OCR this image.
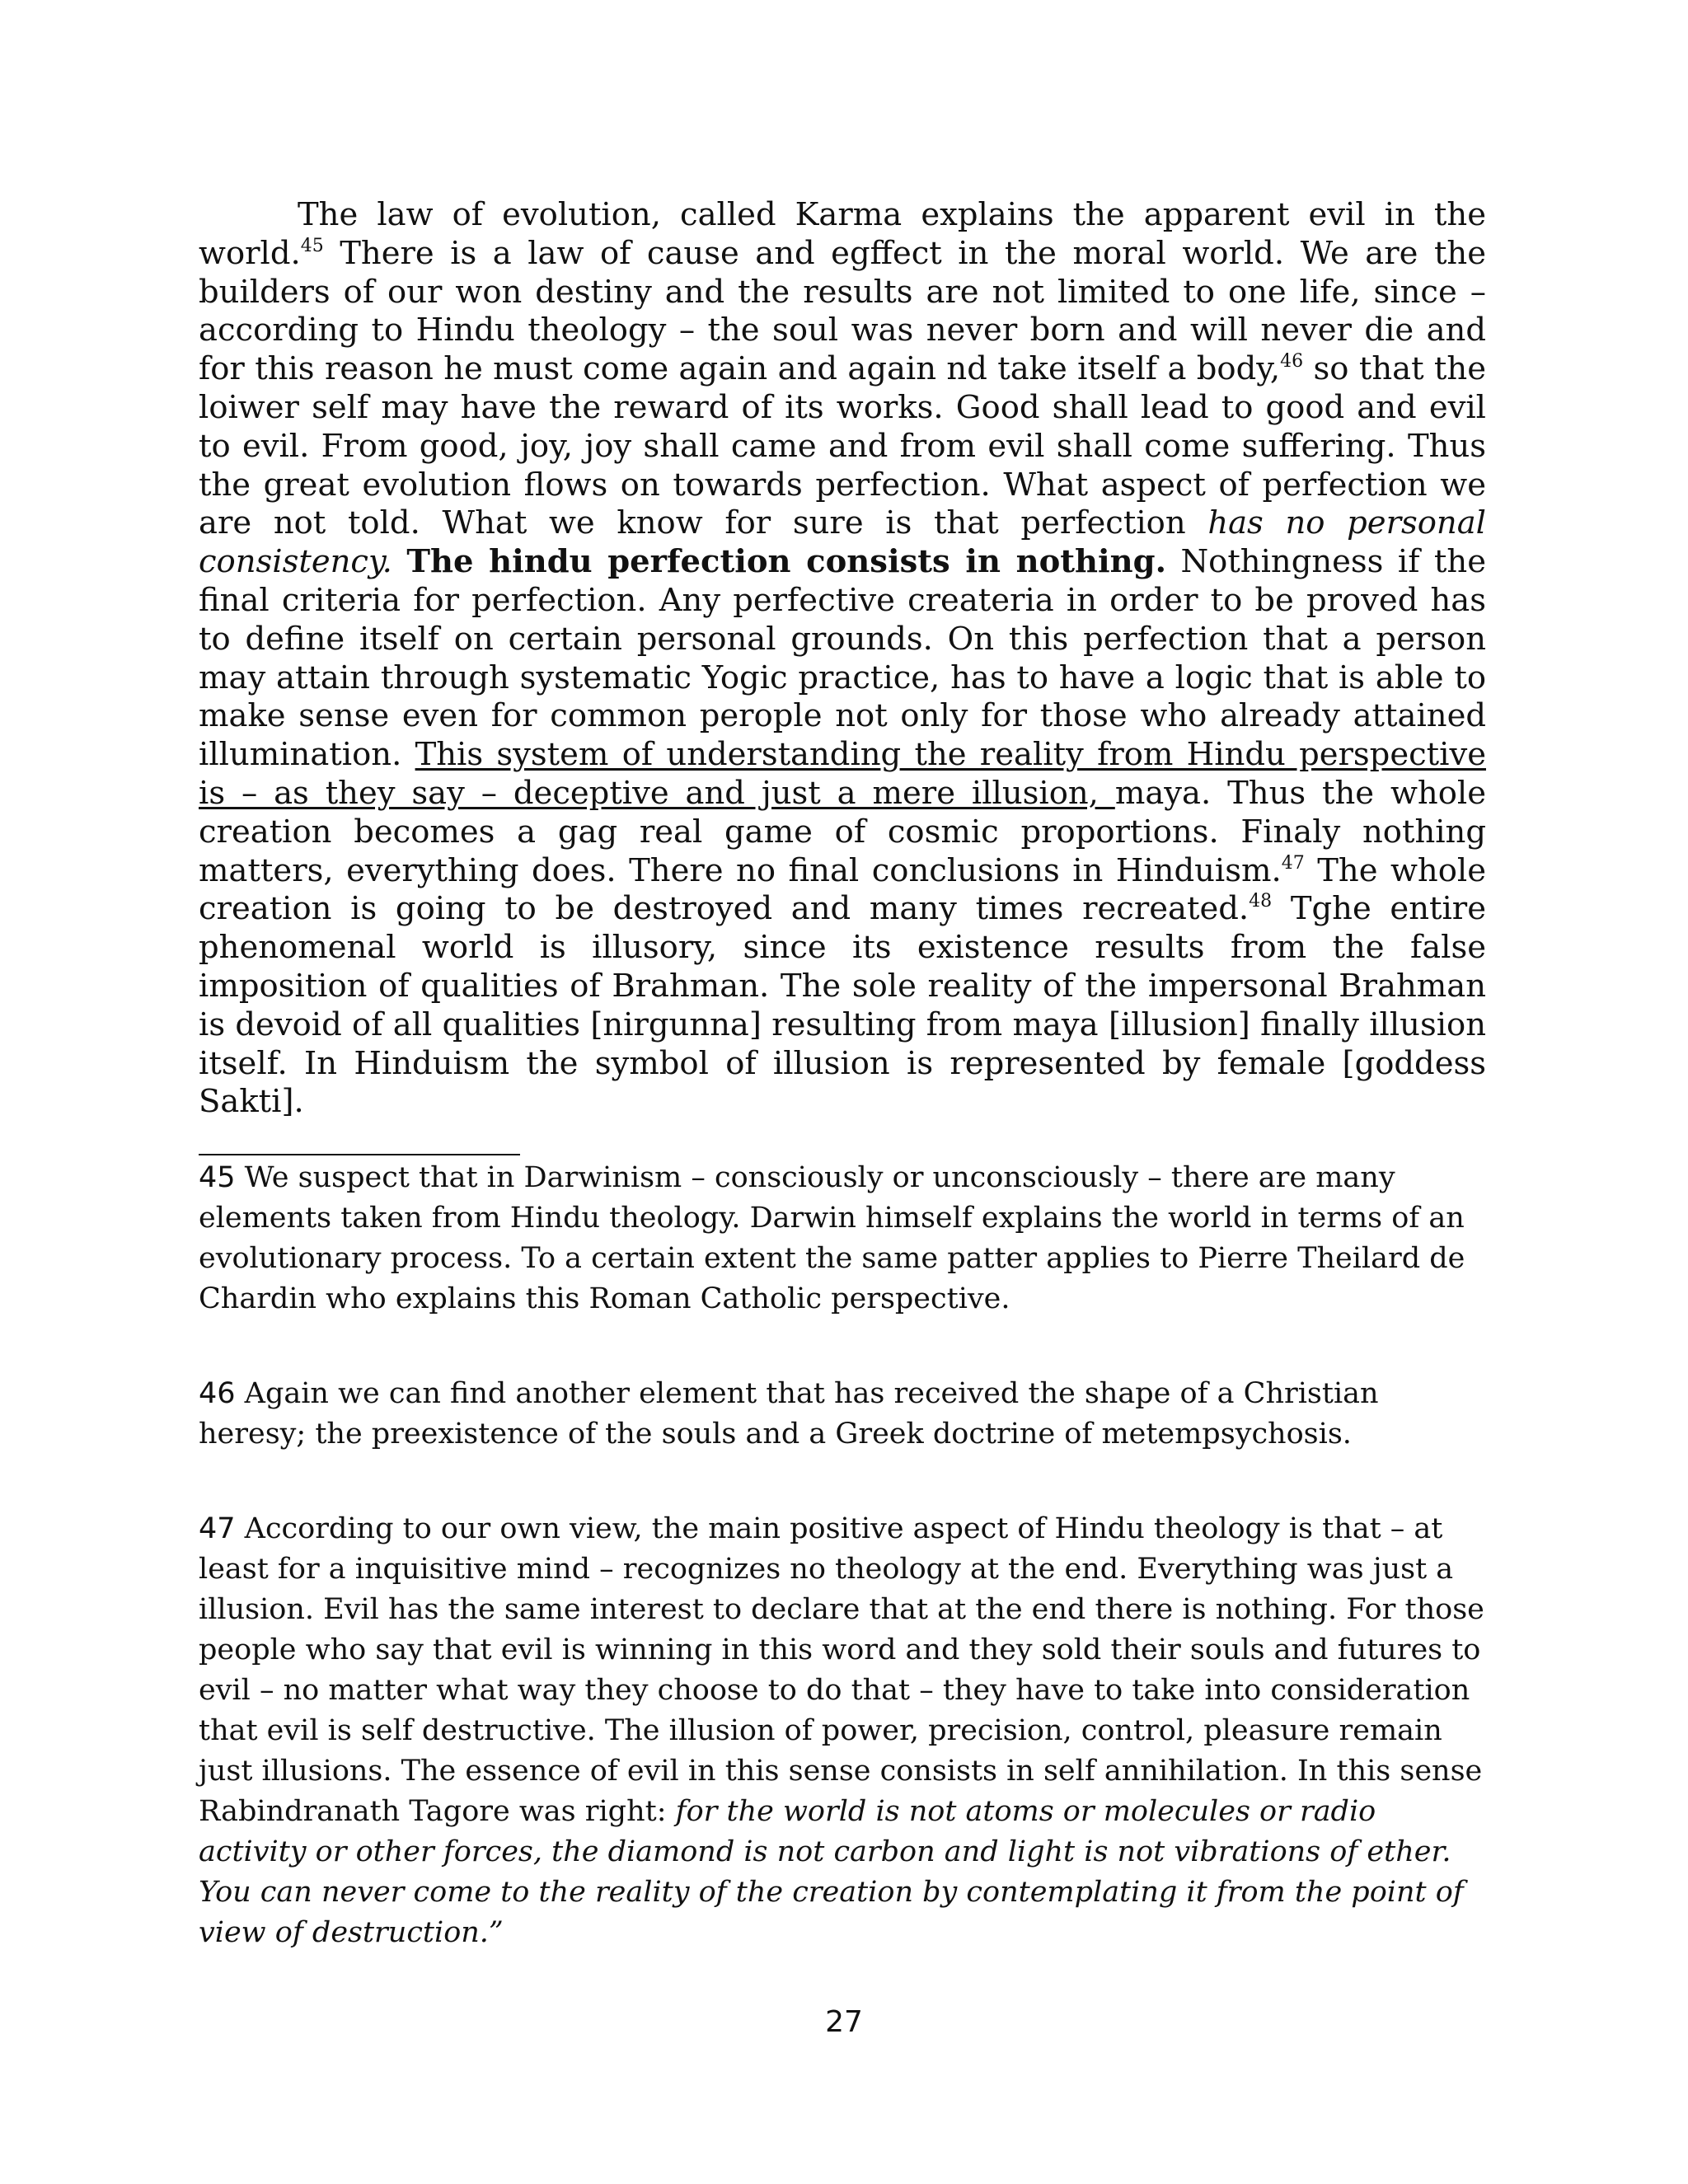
The law of evolution, called Karma explains the apparent evil in the world.$^{45}$ There is a law of cause and egffect in the moral world. We are the builders of our won destiny and the results are not limited to one life, since – according to Hindu theology – the soul was never born and will never die and for this reason he must come again and again nd take itself a body,$^{46}$ so that the loiwer self may have the reward of its works. Good shall lead to good and evil to evil. From good, joy, joy shall came and from evil shall come suffering. Thus the great evolution flows on towards perfection. What aspect of perfection we are not told. What we know for sure is that perfection has no personal consistency. The hindu perfection consists in nothing. Nothingness if the final criteria for perfection. Any perfective createria in order to be proved has to define itself on certain personal grounds. On this perfection that a person may attain through systematic Yogic practice, has to have a logic that is able to make sense even for common perople not only for those who already attained illumination. This system of understanding the reality from Hindu perspective is – as they say – deceptive and just a mere illusion, maya. Thus the whole creation becomes a gag real game of cosmic proportions. Finaly nothing matters, everything does. There no final conclusions in Hinduism.$^{47}$ The whole creation is going to be destroyed and many times recreated.$^{48}$ Tghe entire phenomenal world is illusory, since its existence results from the false imposition of qualities of Brahman. The sole reality of the impersonal Brahman is devoid of all qualities [nirgunna] resulting from maya [illusion] finally illusion itself. In Hinduism the symbol of illusion is represented by female [goddess Sakti].

45 We suspect that in Darwinism – consciously or unconsciously – there are many elements taken from Hindu theology. Darwin himself explains the world in terms of an evolutionary process. To a certain extent the same patter applies to Pierre Theilard de Chardin who explains this Roman Catholic perspective.

46 Again we can find another element that has received the shape of a Christian heresy; the preexistence of the souls and a Greek doctrine of metempsychosis.

47 According to our own view, the main positive aspect of Hindu theology is that – at least for a inquisitive mind – recognizes no theology at the end. Everything was just a illusion. Evil has the same interest to declare that at the end there is nothing. For those people who say that evil is winning in this word and they sold their souls and futures to evil – no matter what way they choose to do that – they have to take into consideration that evil is self destructive. The illusion of power, precision, control, pleasure remain just illusions. The essence of evil in this sense consists in self annihilation. In this sense Rabindranath Tagore was right: for the world is not atoms or molecules or radio activity or other forces, the diamond is not carbon and light is not vibrations of ether. You can never come to the reality of the creation by contemplating it from the point of view of destruction.”

27
